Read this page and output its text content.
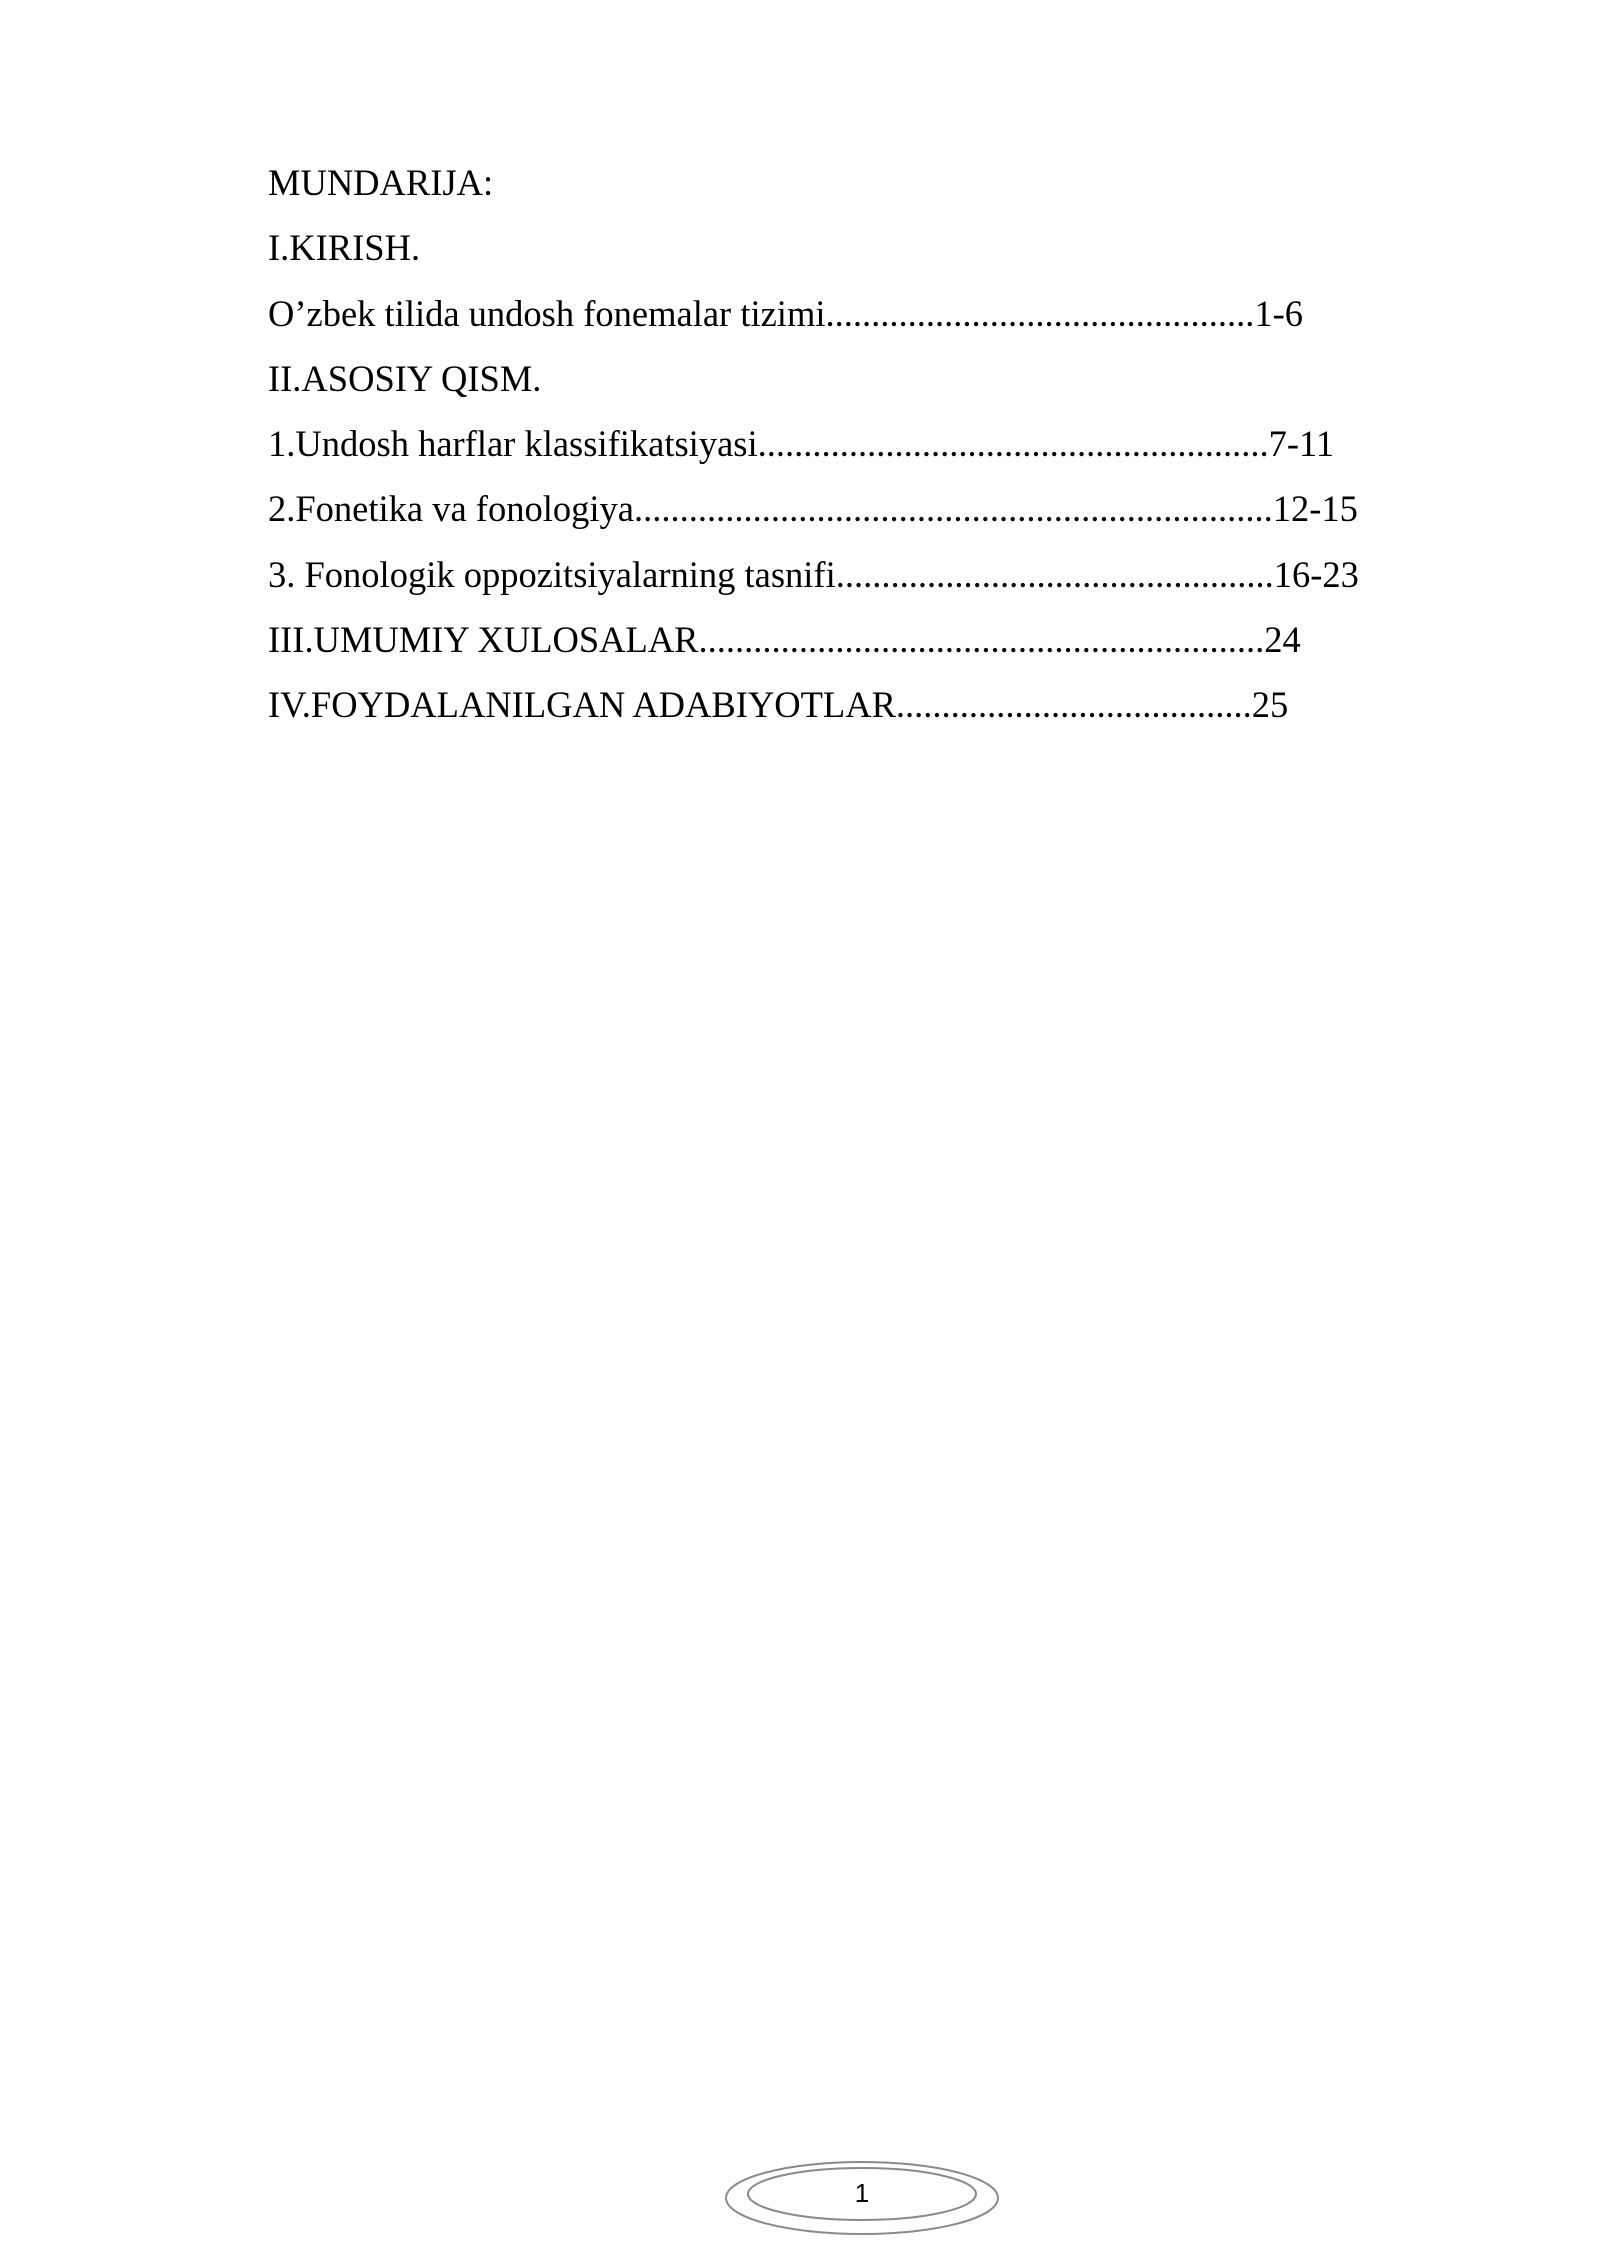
MUNDARIJA:
I.KIRISH.
O’zbek tilida undosh fonemalar tizimi...............................................1-6
II.ASOSIY QISM.
1.Undosh harflar klassifikatsiyasi........................................................7-11
2.Fonetika va fonologiya......................................................................12-15
3. Fonologik oppozitsiyalarning tasnifi................................................16-23
III.UMUMIY XULOSALAR..............................................................24
IV.FOYDALANILGAN ADABIYOTLAR.......................................25
1
